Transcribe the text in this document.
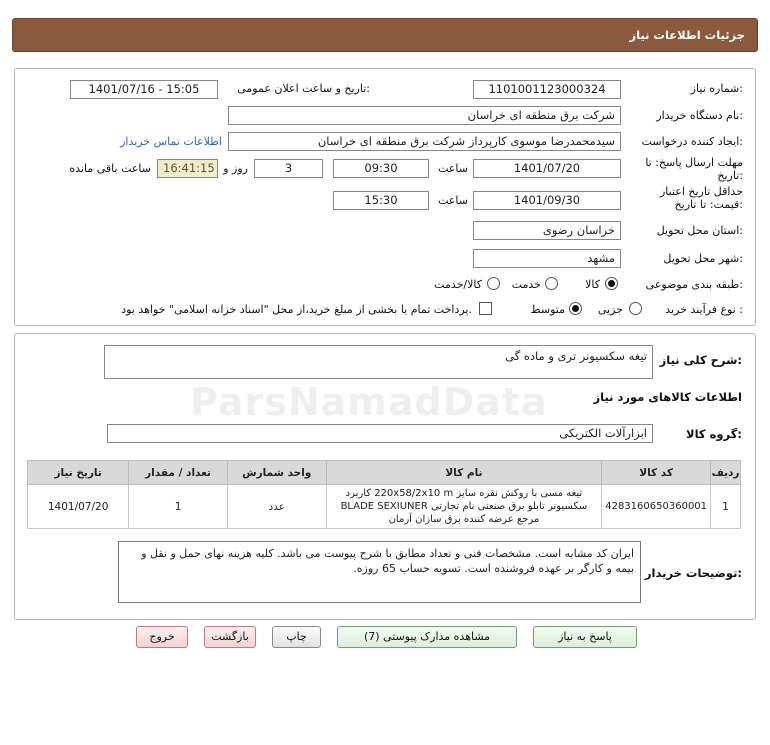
جزئیات اطلاعات نیاز
شماره نیاز:
1101001123000324
تاریخ و ساعت اعلان عمومی:
1401/07/16 - 15:05
نام دستگاه خریدار:
شرکت برق منطقه ای خراسان
ایجاد کننده درخواست:
سیدمحمدرضا موسوی کارپرداز شرکت برق منطقه ای خراسان
اطلاعات تماس خریدار
مهلت ارسال پاسخ: تا تاریخ:
1401/07/20
ساعت
09:30
3
روز و
16:41:15
ساعت باقی مانده
حداقل تاریخ اعتبار قیمت: تا تاریخ:
1401/09/30
ساعت
15:30
استان محل تحویل:
خراسان رضوی
شهر محل تحویل:
مشهد
طبقه بندی موضوعی:
کالا
خدمت
کالا/خدمت
نوع فرآیند خرید :
جزیی
متوسط
پرداخت تمام یا بخشی از مبلغ خرید،از محل "اسناد خزانه اسلامی" خواهد بود.
شرح کلی نیاز:
تیغه سکسیونر تری و ماده گی
اطلاعات کالاهای مورد نیاز
گروه کالا:
ابزارآلات الکتریکی
ParsNamadData
ردیف	کد کالا	نام کالا	واحد شمارش	تعداد / مقدار	تاریخ نیاز
1	4283160650360001	تیغه مسی با روکش نقره سایز 220x58/2x10 m کاربرد
سکسیونر تابلو برق صنعتی نام تجارتی BLADE SEXIUNER
مرجع عرضه کننده برق سازان آرمان	عدد	1	1401/07/20
توضیحات خریدار:
ایران کد مشابه است. مشخصات فنی و تعداد مطابق با شرح پیوست می باشد. کلیه هزینه نهای حمل و نقل و بیمه و کارگر بر عهده فروشنده است. تسویه حساب 65 روزه.
پاسخ به نیاز
مشاهده مدارک پیوستی (7)
چاپ
بازگشت
خروج
